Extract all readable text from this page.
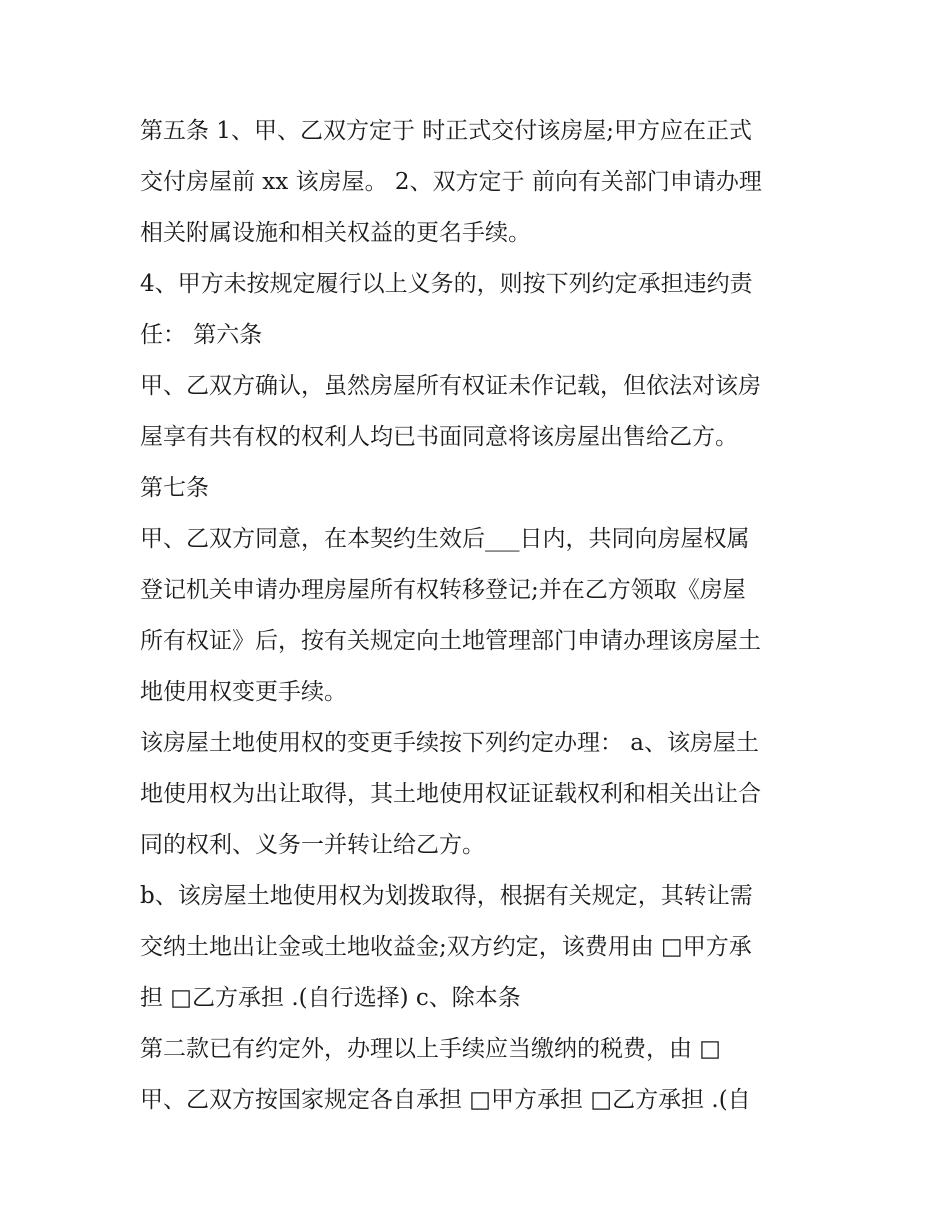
第五条 1、甲、乙双方定于 时正式交付该房屋;甲方应在正式
交付房屋前 xx 该房屋。 2、双方定于 前向有关部门申请办理
相关附属设施和相关权益的更名手续。
4、甲方未按规定履行以上义务的，则按下列约定承担违约责
任： 第六条
甲、乙双方确认，虽然房屋所有权证未作记载，但依法对该房
屋享有共有权的权利人均已书面同意将该房屋出售给乙方。
第七条
甲、乙双方同意，在本契约生效后___日内，共同向房屋权属
登记机关申请办理房屋所有权转移登记;并在乙方领取《房屋
所有权证》后，按有关规定向土地管理部门申请办理该房屋土
地使用权变更手续。
该房屋土地使用权的变更手续按下列约定办理： a、该房屋土
地使用权为出让取得，其土地使用权证证载权利和相关出让合
同的权利、义务一并转让给乙方。
b、该房屋土地使用权为划拨取得，根据有关规定，其转让需
交纳土地出让金或土地收益金;双方约定，该费用由 □甲方承
担 □乙方承担 .(自行选择) c、除本条
第二款已有约定外，办理以上手续应当缴纳的税费，由 □
甲、乙双方按国家规定各自承担 □甲方承担 □乙方承担 .(自
